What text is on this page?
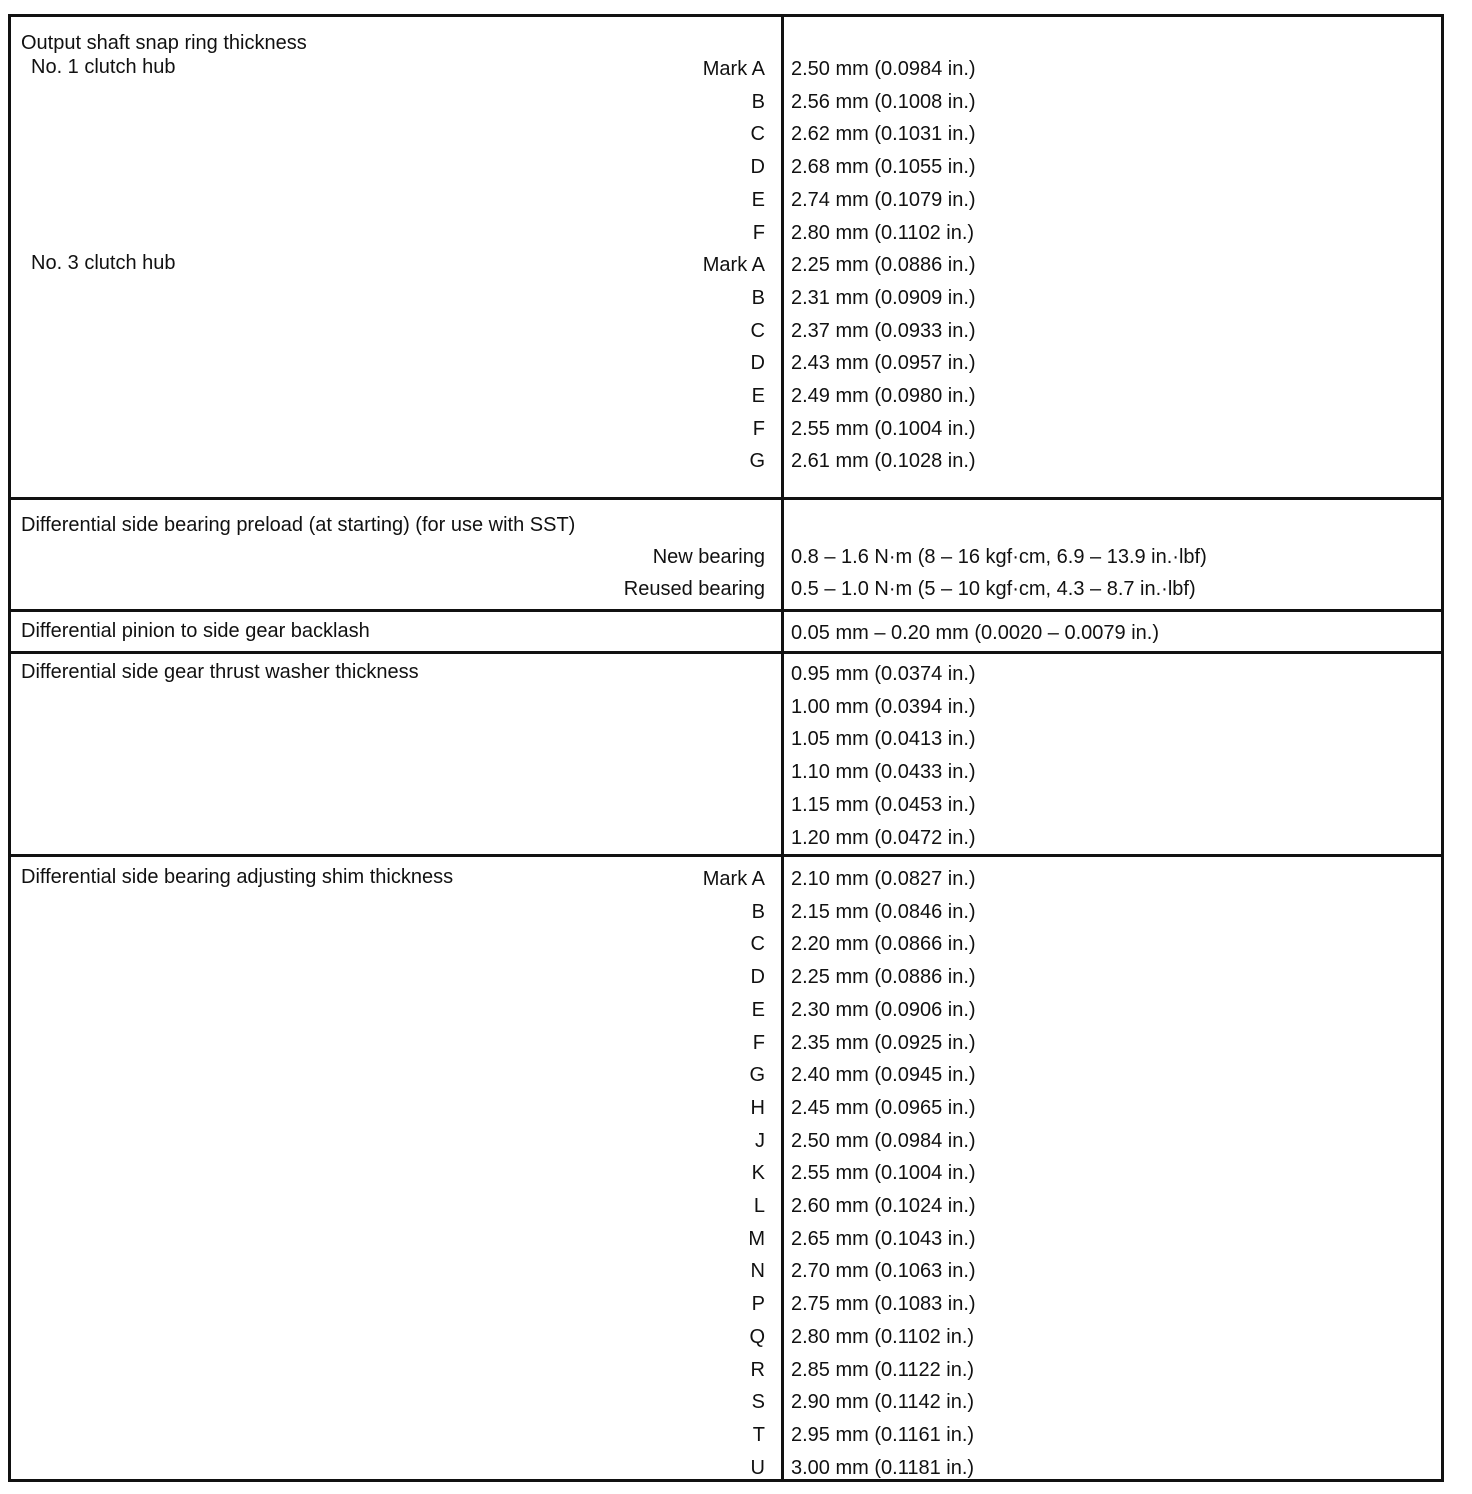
Output shaft snap ring thickness
No. 1 clutch hub	Mark A 2.50 mm (0.0984 in.)
B 2.56 mm (0.1008 in.)
C 2.62 mm (0.1031 in.)
D 2.68 mm (0.1055 in.)
E 2.74 mm (0.1079 in.)
F 2.80 mm (0.1102 in.)
No. 3 clutch hub	Mark A 2.25 mm (0.0886 in.)
B 2.31 mm (0.0909 in.)
C 2.37 mm (0.0933 in.)
D 2.43 mm (0.0957 in.)
E 2.49 mm (0.0980 in.)
F 2.55 mm (0.1004 in.)
G 2.61 mm (0.1028 in.)
Differential side bearing preload (at starting) (for use with SST)
New bearing 0.8 – 1.6 N·m (8 – 16 kgf·cm, 6.9 – 13.9 in.·lbf)
Reused bearing 0.5 – 1.0 N·m (5 – 10 kgf·cm, 4.3 – 8.7 in.·lbf)
Differential pinion to side gear backlash	0.05 mm – 0.20 mm (0.0020 – 0.0079 in.)
Differential side gear thrust washer thickness	0.95 mm (0.0374 in.)
1.00 mm (0.0394 in.)
1.05 mm (0.0413 in.)
1.10 mm (0.0433 in.)
1.15 mm (0.0453 in.)
1.20 mm (0.0472 in.)
Differential side bearing adjusting shim thickness	Mark A 2.10 mm (0.0827 in.)
B 2.15 mm (0.0846 in.)
C 2.20 mm (0.0866 in.)
D 2.25 mm (0.0886 in.)
E 2.30 mm (0.0906 in.)
F 2.35 mm (0.0925 in.)
G 2.40 mm (0.0945 in.)
H 2.45 mm (0.0965 in.)
J 2.50 mm (0.0984 in.)
K 2.55 mm (0.1004 in.)
L 2.60 mm (0.1024 in.)
M 2.65 mm (0.1043 in.)
N 2.70 mm (0.1063 in.)
P 2.75 mm (0.1083 in.)
Q 2.80 mm (0.1102 in.)
R 2.85 mm (0.1122 in.)
S 2.90 mm (0.1142 in.)
T 2.95 mm (0.1161 in.)
U 3.00 mm (0.1181 in.)
